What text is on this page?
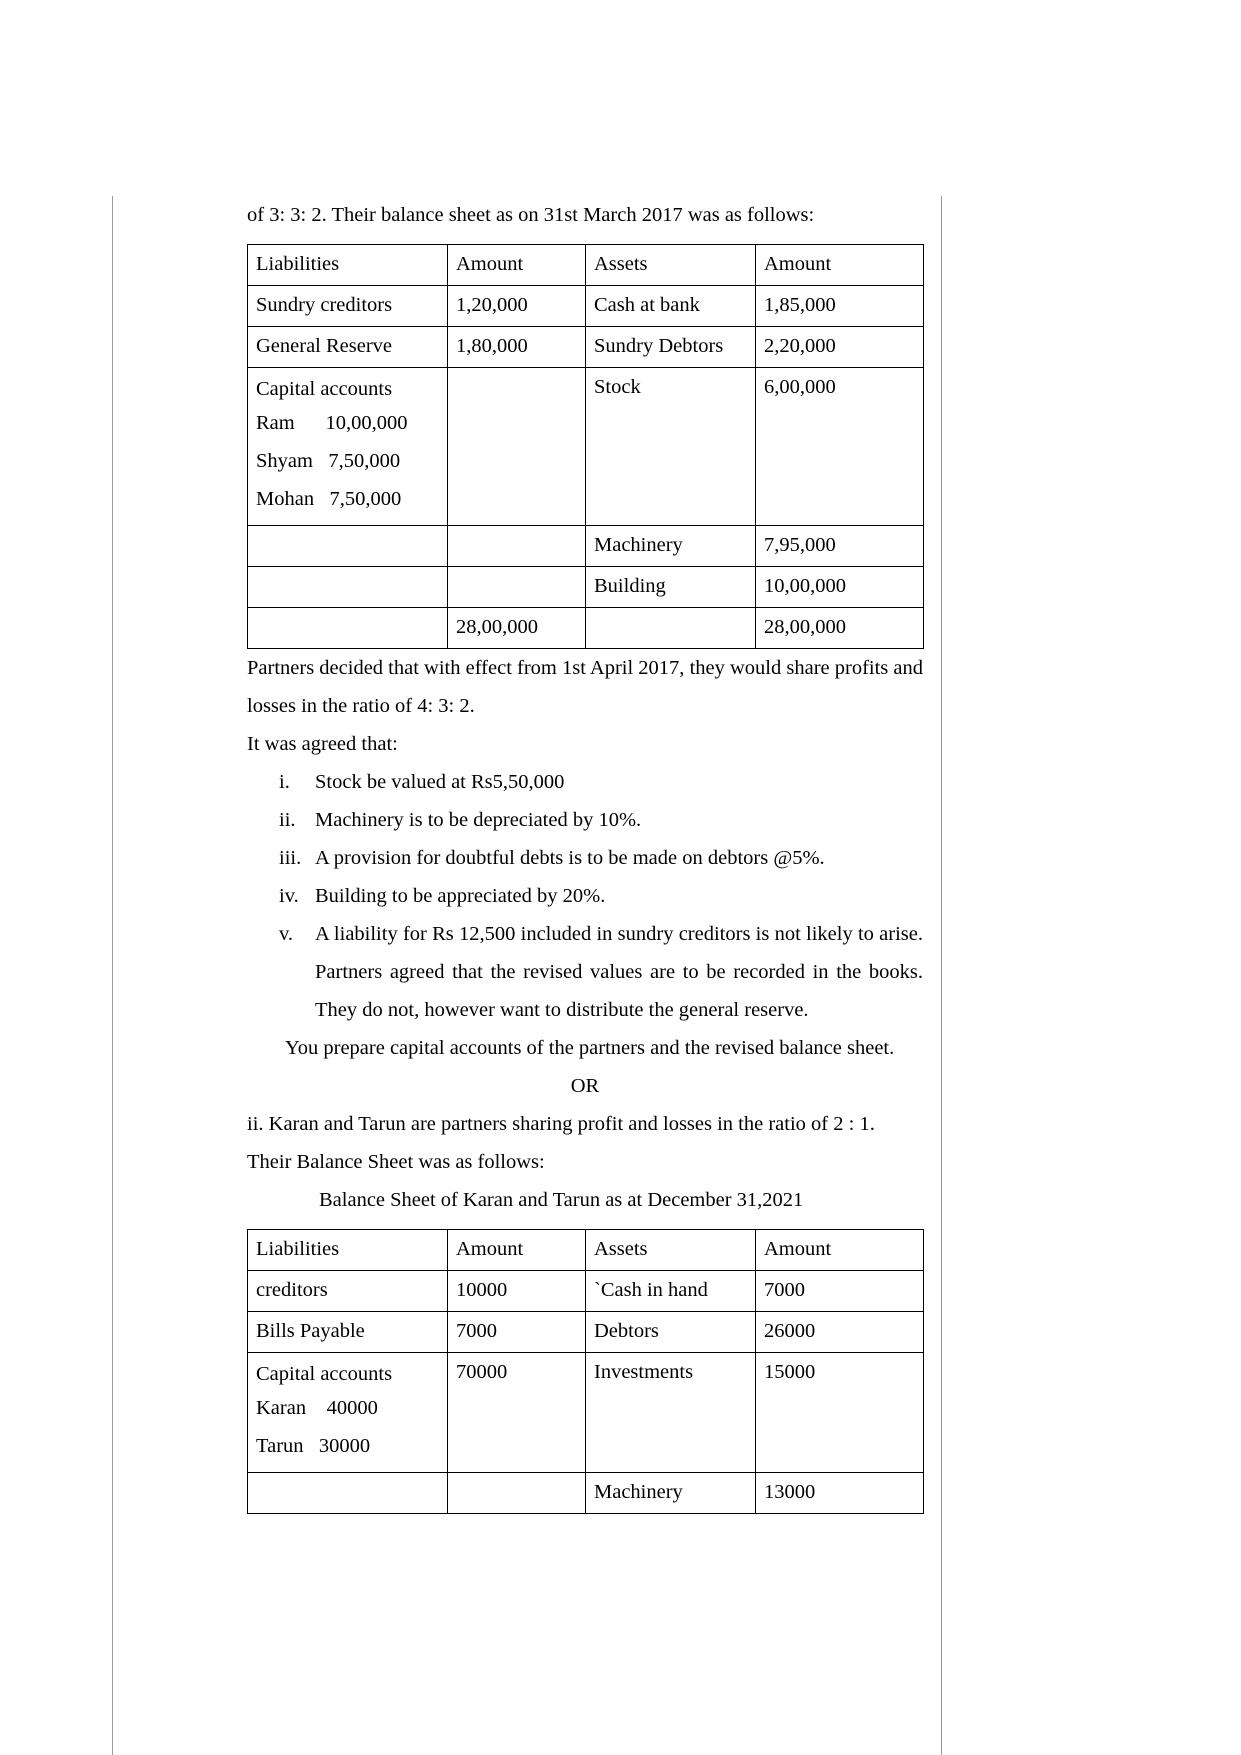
of 3: 3: 2. Their balance sheet as on 31st March 2017 was as follows:

Liabilities	Amount	Assets	Amount
Sundry creditors	1,20,000	Cash at bank	1,85,000
General Reserve	1,80,000	Sundry Debtors	2,20,000

Capital accounts
Ram 10,00,000
Shyam 7,50,000
Mohan 7,50,000		Stock	6,00,000
		Machinery	7,95,000
		Building	10,00,000
	28,00,000		28,00,000

Partners decided that with effect from 1st April 2017, they would share profits and losses in the ratio of 4: 3: 2.

It was agreed that:

i.	Stock be valued at Rs5,50,000
ii. Machinery is to be depreciated by 10%.
iii. A provision for doubtful debts is to be made on debtors @5%.
iv. Building to be appreciated by 20%.
v.	A liability for Rs 12,500 included in sundry creditors is not likely to arise. Partners agreed that the revised values are to be recorded in the books. They do not, however want to distribute the general reserve.

You prepare capital accounts of the partners and the revised balance sheet.

OR

ii. Karan and Tarun are partners sharing profit and losses in the ratio of 2 : 1.

Their Balance Sheet was as follows:

Balance Sheet of Karan and Tarun as at December 31,2021

Liabilities	Amount	Assets	Amount
creditors	10000	`Cash in hand	7000
Bills Payable	7000	Debtors	26000

Capital accounts
Karan 40000
Tarun 30000	70000	Investments	15000
		Machinery	13000
